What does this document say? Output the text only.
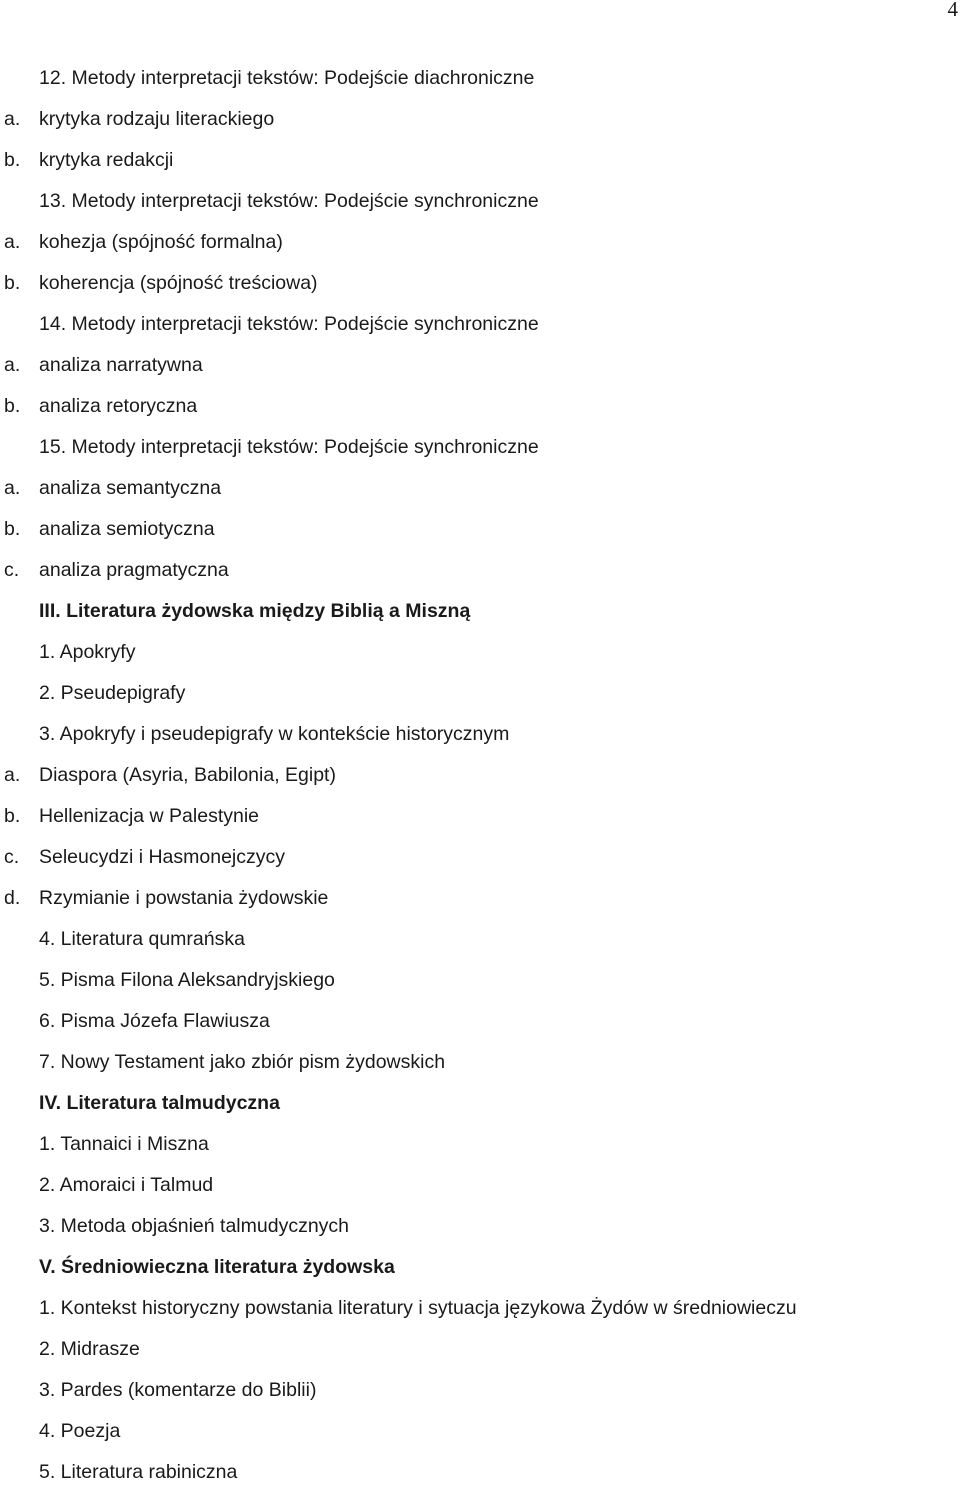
4
12. Metody interpretacji tekstów: Podejście diachroniczne
a. krytyka rodzaju literackiego
b. krytyka redakcji
13. Metody interpretacji tekstów: Podejście synchroniczne
a. kohezja (spójność formalna)
b. koherencja (spójność treściowa)
14. Metody interpretacji tekstów: Podejście synchroniczne
a. analiza narratywna
b. analiza retoryczna
15. Metody interpretacji tekstów: Podejście synchroniczne
a. analiza semantyczna
b. analiza semiotyczna
c. analiza pragmatyczna
III. Literatura żydowska między Biblią a Miszną
1. Apokryfy
2. Pseudepigrafy
3. Apokryfy i pseudepigrafy w kontekście historycznym
a. Diaspora (Asyria, Babilonia, Egipt)
b. Hellenizacja w Palestynie
c. Seleucydzi i Hasmonejczycy
d. Rzymianie i powstania żydowskie
4. Literatura qumrańska
5. Pisma Filona Aleksandryjskiego
6. Pisma Józefa Flawiusza
7. Nowy Testament jako zbiór pism żydowskich
IV. Literatura talmudyczna
1. Tannaici i Miszna
2. Amoraici i Talmud
3. Metoda objaśnień talmudycznych
V. Średniowieczna literatura żydowska
1. Kontekst historyczny powstania literatury i sytuacja językowa Żydów w średniowieczu
2. Midrasze
3. Pardes (komentarze do Biblii)
4. Poezja
5. Literatura rabiniczna
